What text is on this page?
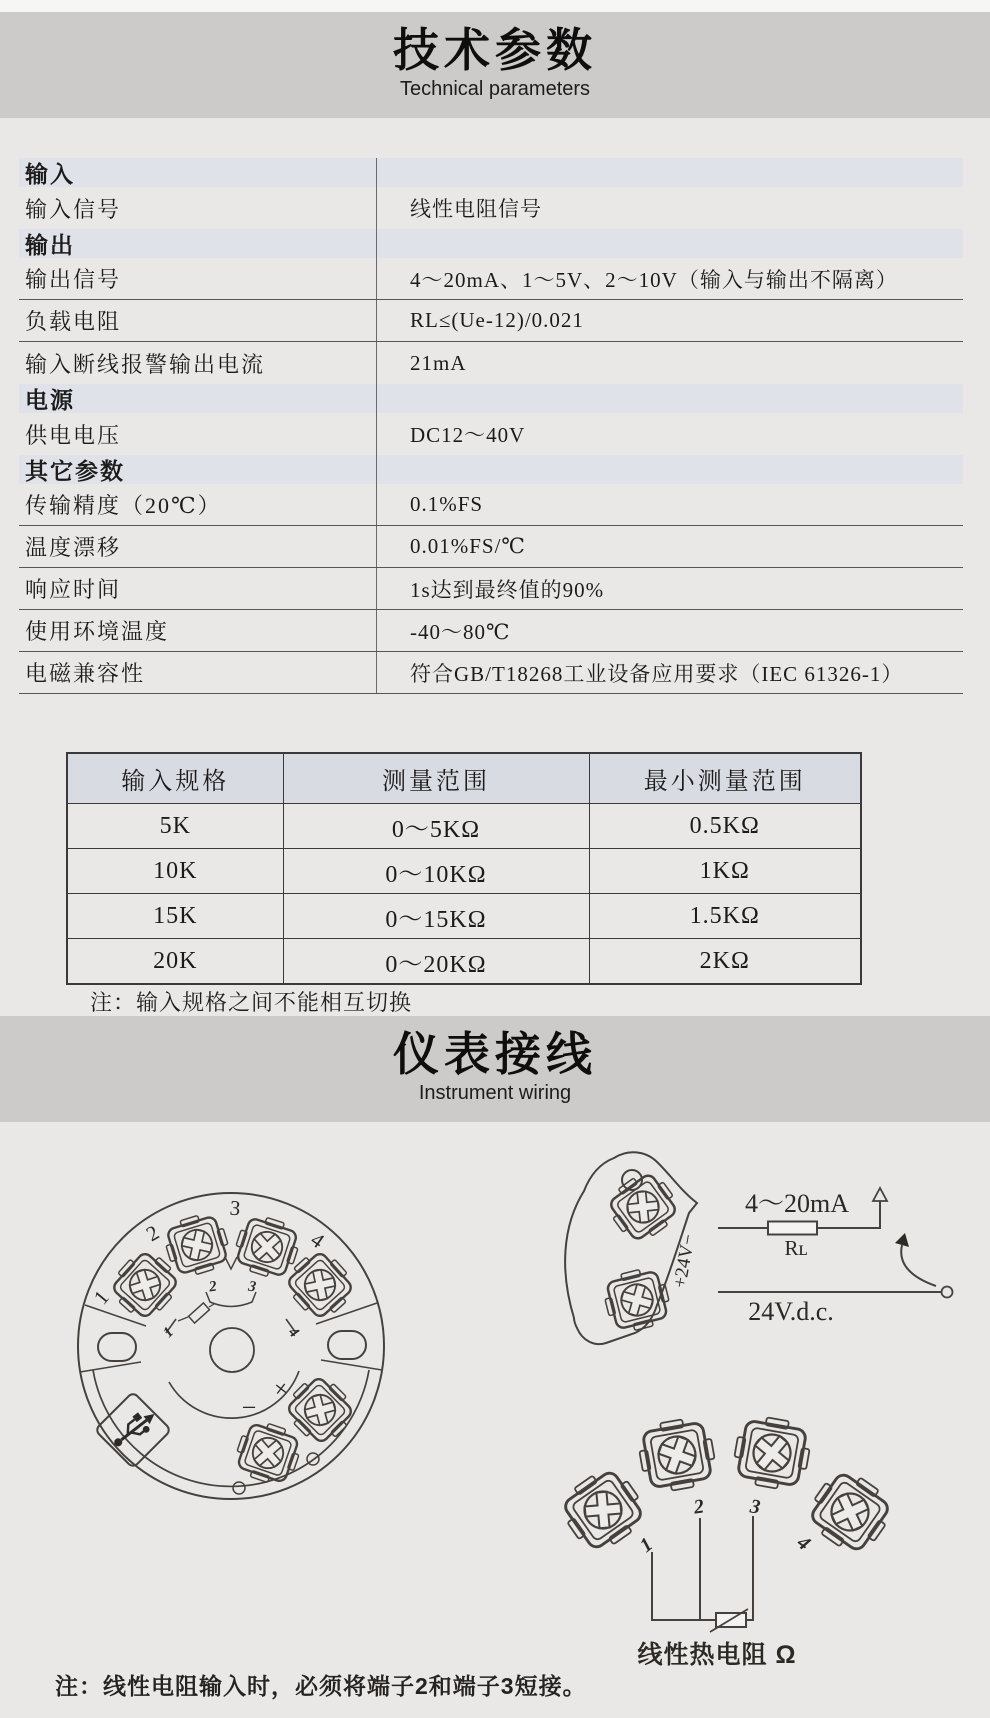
技术参数
Technical parameters
输入
输入信号	线性电阻信号
输出
输出信号	4～20mA、1～5V、2～10V（输入与输出不隔离）
负载电阻	RL≤(Ue-12)/0.021
输入断线报警输出电流	21mA
电源
供电电压	DC12～40V
其它参数
传输精度（20℃）	0.1%FS
温度漂移	0.01%FS/℃
响应时间	1s达到最终值的90%
使用环境温度	-40～80℃
电磁兼容性	符合GB/T18268工业设备应用要求（IEC 61326-1）
输入规格	测量范围	最小测量范围
5K	0～5KΩ	0.5KΩ
10K	0～10KΩ	1KΩ
15K	0～15KΩ	1.5KΩ
20K	0～20KΩ	2KΩ
注：输入规格之间不能相互切换
仪表接线
Instrument wiring
1
2
3
4
1
2 3
4
−
+
+24V−
4～20mA
Rʟ
24V.d.c.
1
2 3
4
线性热电阻 Ω
注：线性电阻输入时，必须将端子2和端子3短接。
